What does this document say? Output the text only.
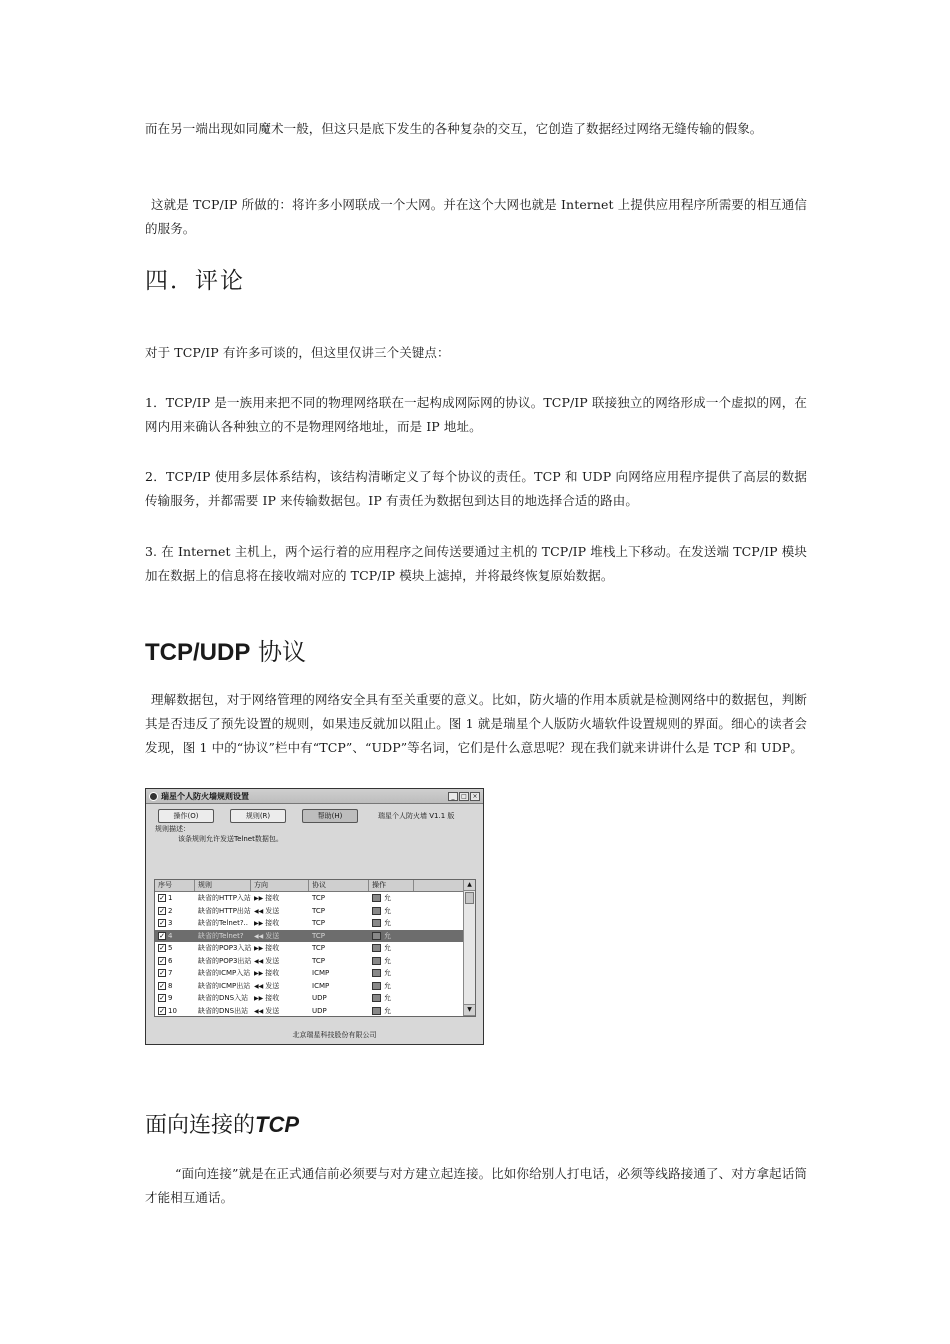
而在另一端出现如同魔术一般，但这只是底下发生的各种复杂的交互，它创造了数据经过网络无缝传输的假象。

这就是 TCP/IP 所做的：将许多小网联成一个大网。并在这个大网也就是 Internet 上提供应用程序所需要的相互通信的服务。

四．评论

对于 TCP/IP 有许多可谈的，但这里仅讲三个关键点：

1．TCP/IP 是一族用来把不同的物理网络联在一起构成网际网的协议。TCP/IP 联接独立的网络形成一个虚拟的网，在网内用来确认各种独立的不是物理网络地址，而是 IP 地址。

2．TCP/IP 使用多层体系结构，该结构清晰定义了每个协议的责任。TCP 和 UDP 向网络应用程序提供了高层的数据传输服务，并都需要 IP 来传输数据包。IP 有责任为数据包到达目的地选择合适的路由。

3. 在 Internet 主机上，两个运行着的应用程序之间传送要通过主机的 TCP/IP 堆栈上下移动。在发送端 TCP/IP 模块加在数据上的信息将在接收端对应的 TCP/IP 模块上滤掉，并将最终恢复原始数据。

TCP/UDP 协议

理解数据包，对于网络管理的网络安全具有至关重要的意义。比如，防火墙的作用本质就是检测网络中的数据包，判断其是否违反了预先设置的规则，如果违反就加以阻止。图 1 就是瑞星个人版防火墙软件设置规则的界面。细心的读者会发现，图 1 中的“协议”栏中有“TCP”、“UDP”等名词，它们是什么意思呢？现在我们就来讲讲什么是 TCP 和 UDP。

面向连接的TCP

“面向连接”就是在正式通信前必须要与对方建立起连接。比如你给别人打电话，必须等线路接通了、对方拿起话筒才能相互通话。

瑞星个人防火墙规则设置	_	□ ×
操作(O)	规则(R)	帮助(H)	瑞星个人防火墙 V1.1 版
规则描述：
该条规则允许发送Telnet数据包。
序号	规则	方向	协议	操作
✓ 1	缺省的HTTP入站 ▶▶ 接收	TCP	允
✓ 2	缺省的HTTP出站 ◀◀ 发送	TCP	允
✓ 3	缺省的Telnet?..	▶▶ 接收	TCP	允
✓ 4	缺省的Telnet?	◀◀ 发送	TCP	允
✓ 5	缺省的POP3入站 ▶▶ 接收	TCP	允
✓ 6	缺省的POP3出站 ◀◀ 发送	TCP	允
✓ 7	缺省的ICMP入站 ▶▶ 接收	ICMP	允
✓ 8	缺省的ICMP出站 ◀◀ 发送	ICMP	允
✓ 9	缺省的DNS入站 ▶▶ 接收	UDP	允
✓ 10	缺省的DNS出站 ◀◀ 发送	UDP	允
▲
▼
北京瑞星科技股份有限公司
